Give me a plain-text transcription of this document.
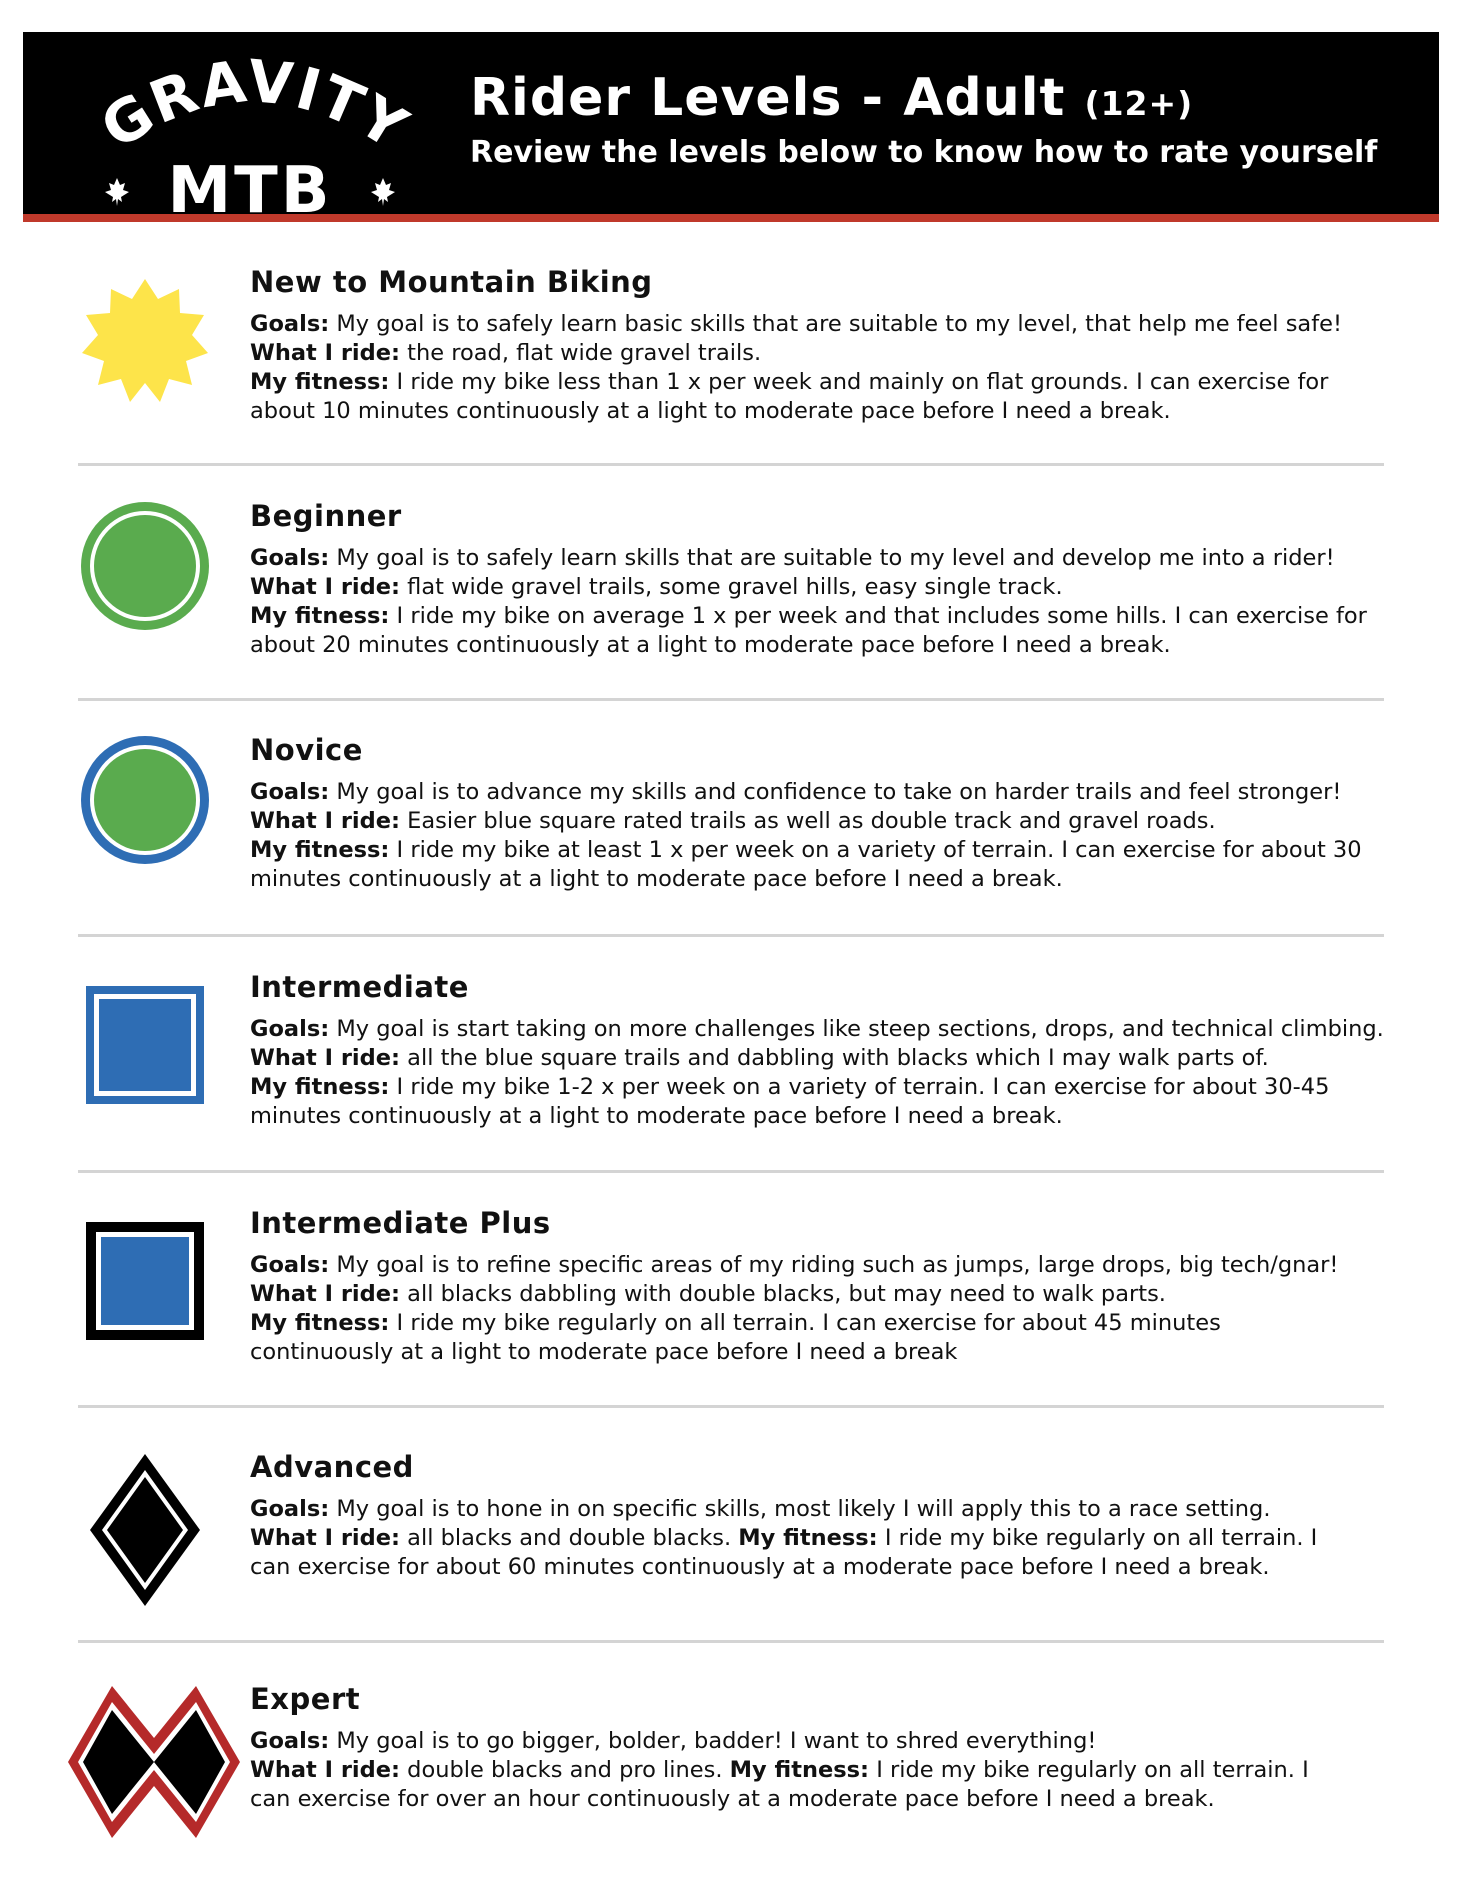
GRAVITY
MTB
Rider Levels - Adult (12+)
Review the levels below to know how to rate yourself
New to Mountain Biking
Goals: My goal is to safely learn basic skills that are suitable to my level, that help me feel safe!
What I ride: the road, flat wide gravel trails.
My fitness: I ride my bike less than 1 x per week and mainly on flat grounds. I can exercise for
about 10 minutes continuously at a light to moderate pace before I need a break.
Beginner
Goals: My goal is to safely learn skills that are suitable to my level and develop me into a rider!
What I ride: flat wide gravel trails, some gravel hills, easy single track.
My fitness: I ride my bike on average 1 x per week and that includes some hills. I can exercise for
about 20 minutes continuously at a light to moderate pace before I need a break.
Novice
Goals: My goal is to advance my skills and confidence to take on harder trails and feel stronger!
What I ride: Easier blue square rated trails as well as double track and gravel roads.
My fitness: I ride my bike at least 1 x per week on a variety of terrain. I can exercise for about 30
minutes continuously at a light to moderate pace before I need a break.
Intermediate
Goals: My goal is start taking on more challenges like steep sections, drops, and technical climbing.
What I ride: all the blue square trails and dabbling with blacks which I may walk parts of.
My fitness: I ride my bike 1-2 x per week on a variety of terrain. I can exercise for about 30-45
minutes continuously at a light to moderate pace before I need a break.
Intermediate Plus
Goals: My goal is to refine specific areas of my riding such as jumps, large drops, big tech/gnar!
What I ride: all blacks dabbling with double blacks, but may need to walk parts.
My fitness: I ride my bike regularly on all terrain. I can exercise for about 45 minutes
continuously at a light to moderate pace before I need a break
Advanced
Goals: My goal is to hone in on specific skills, most likely I will apply this to a race setting.
What I ride: all blacks and double blacks. My fitness: I ride my bike regularly on all terrain. I
can exercise for about 60 minutes continuously at a moderate pace before I need a break.
Expert
Goals: My goal is to go bigger, bolder, badder! I want to shred everything!
What I ride: double blacks and pro lines. My fitness: I ride my bike regularly on all terrain. I
can exercise for over an hour continuously at a moderate pace before I need a break.
